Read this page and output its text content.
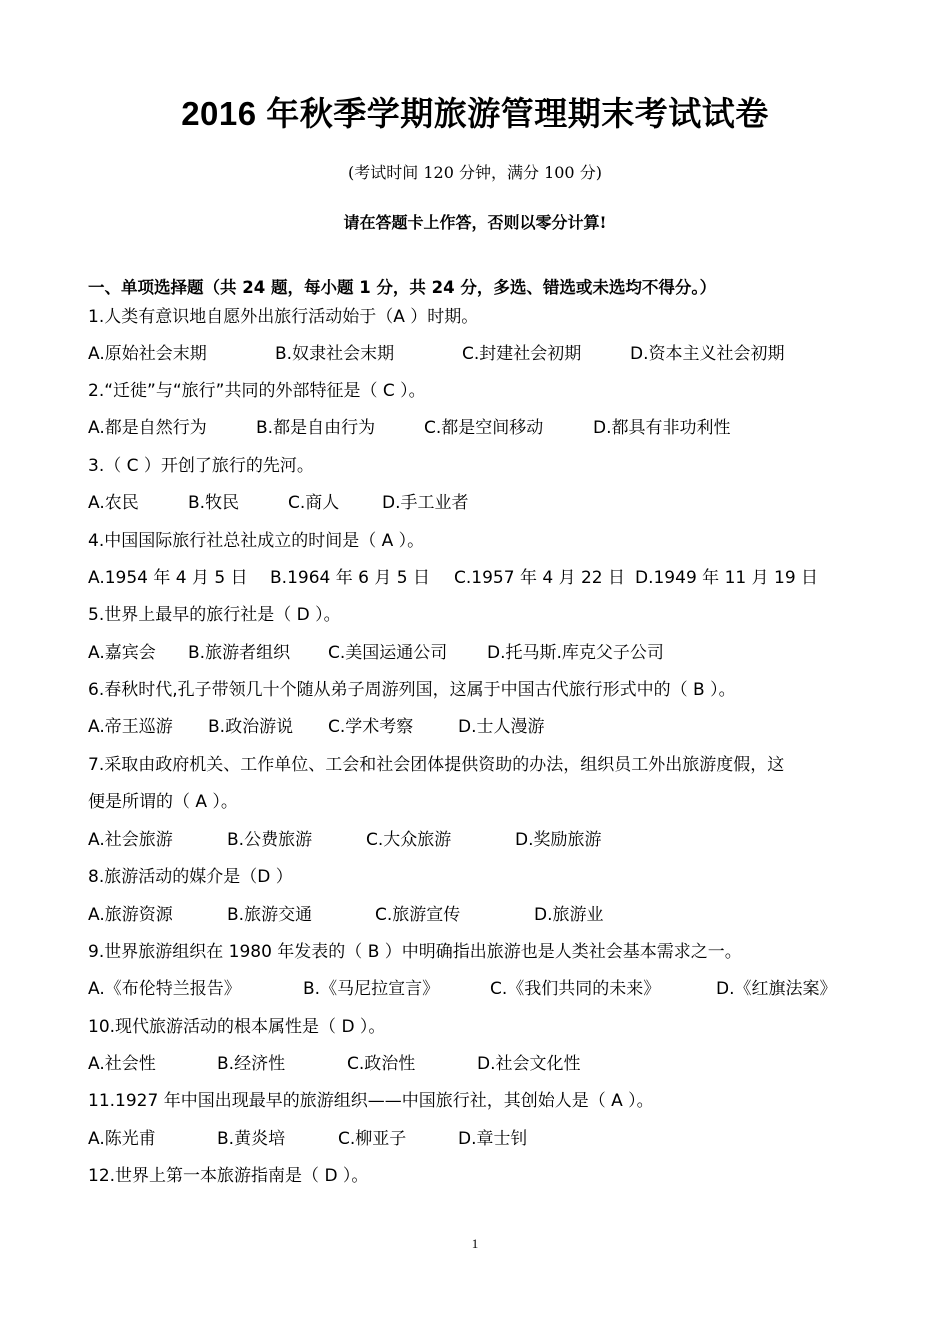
2016 年秋季学期旅游管理期末考试试卷
(考试时间 120 分钟，满分 100 分)
请在答题卡上作答，否则以零分计算!
一、单项选择题（共 24 题，每小题 1 分，共 24 分，多选、错选或未选均不得分。）
1.人类有意识地自愿外出旅行活动始于（A ）时期。
A.原始社会末期	B.奴隶社会末期	C.封建社会初期	D.资本主义社会初期
2.“迁徙”与“旅行”共同的外部特征是（ C ）。
A.都是自然行为	B.都是自由行为	C.都是空间移动	D.都具有非功利性
3.（ C ）开创了旅行的先河。
A.农民	B.牧民	C.商人	D.手工业者
4.中国国际旅行社总社成立的时间是（ A ）。
A.1954 年 4 月 5 日 B.1964 年 6 月 5 日 C.1957 年 4 月 22 日 D.1949 年 11 月 19 日
5.世界上最早的旅行社是（ D ）。
A.嘉宾会 B.旅游者组织 C.美国运通公司 D.托马斯.库克父子公司
6.春秋时代,孔子带领几十个随从弟子周游列国，这属于中国古代旅行形式中的（ B ）。
A.帝王巡游 B.政治游说 C.学术考察	D.士人漫游
7.采取由政府机关、工作单位、工会和社会团体提供资助的办法，组织员工外出旅游度假，这
便是所谓的（ A ）。
A.社会旅游	B.公费旅游	C.大众旅游	D.奖励旅游
8.旅游活动的媒介是（D ）
A.旅游资源	B.旅游交通	C.旅游宣传	D.旅游业
9.世界旅游组织在 1980 年发表的（ B ）中明确指出旅游也是人类社会基本需求之一。
A.《布伦特兰报告》	B.《马尼拉宣言》	C.《我们共同的未来》	D.《红旗法案》
10.现代旅游活动的根本属性是（ D ）。
A.社会性	B.经济性	C.政治性	D.社会文化性
11.1927 年中国出现最早的旅游组织——中国旅行社，其创始人是（ A ）。
A.陈光甫	B.黄炎培	C.柳亚子	D.章士钊
12.世界上第一本旅游指南是（ D ）。
1
